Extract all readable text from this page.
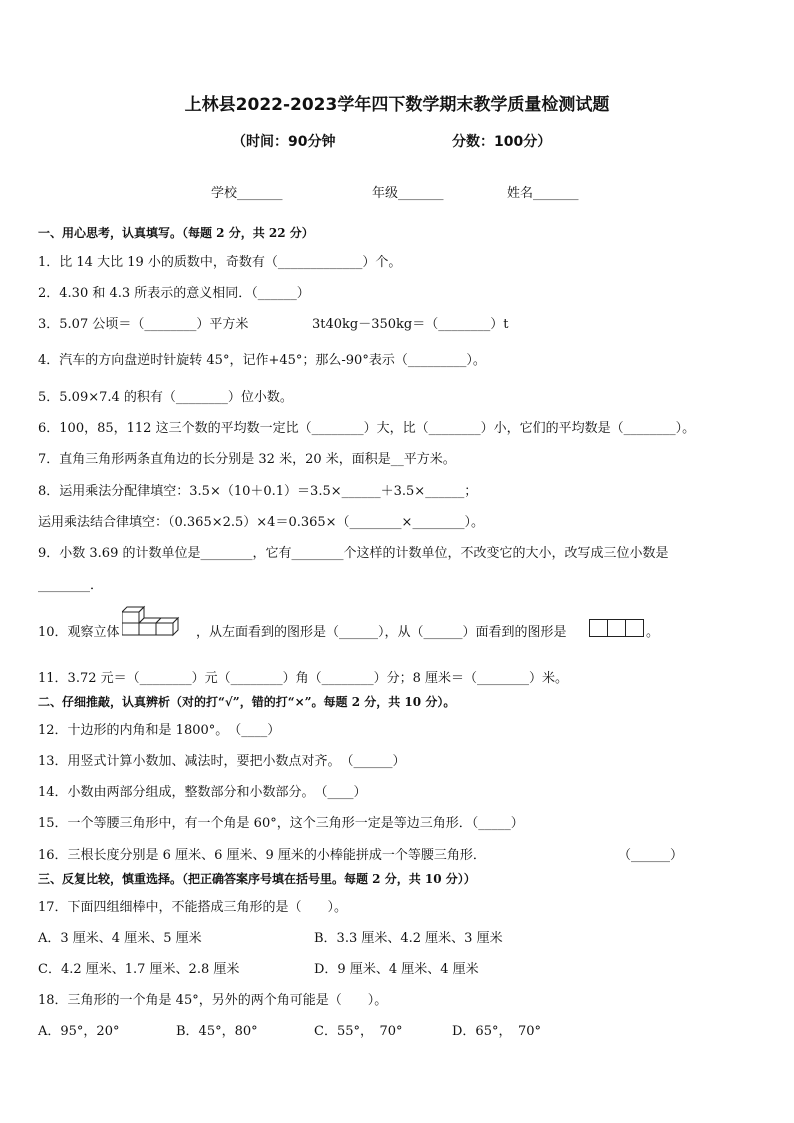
上林县2022-2023学年四下数学期末教学质量检测试题
（时间：90分钟	分数：100分）
学校_______	年级_______	姓名_______
一、用心思考，认真填写。（每题 2 分，共 22 分）
1．比 14 大比 19 小的质数中，奇数有（_____________）个。
2．4.30 和 4.3 所表示的意义相同．（______）
3．5.07 公顷＝（________）平方米	3t40kg－350kg＝（________）t
4．汽车的方向盘逆时针旋转 45°，记作+45°；那么-90°表示（_________）。
5．5.09×7.4 的积有（________）位小数。
6．100，85，112 这三个数的平均数一定比（________）大，比（________）小，它们的平均数是（________）。
7．直角三角形两条直角边的长分别是 32 米，20 米，面积是__平方米。
8．运用乘法分配律填空：3.5×（10＋0.1）＝3.5×______＋3.5×______；
运用乘法结合律填空：（0.365×2.5）×4＝0.365×（________×________）。
9．小数 3.69 的计数单位是________，它有________个这样的计数单位，不改变它的大小，改写成三位小数是
________．
10．观察立体	，从左面看到的图形是（______），从（______）面看到的图形是	。
11．3.72 元＝（________）元（________）角（________）分；8 厘米＝（________）米。
二、仔细推敲，认真辨析（对的打“√”，错的打“×”。每题 2 分，共 10 分）。
12．十边形的内角和是 1800°。　（____）
13．用竖式计算小数加、减法时，要把小数点对齐。　（______）
14．小数由两部分组成，整数部分和小数部分。　（____）
15．一个等腰三角形中，有一个角是 60°，这个三角形一定是等边三角形．（_____）
16．三根长度分别是 6 厘米、6 厘米、9 厘米的小棒能拼成一个等腰三角形．	（______）
三、反复比较，慎重选择。（把正确答案序号填在括号里。每题 2 分，共 10 分））
17．下面四组细棒中，不能搭成三角形的是（　　）。
A．3 厘米、4 厘米、5 厘米	B．3.3 厘米、4.2 厘米、3 厘米
C．4.2 厘米、1.7 厘米、2.8 厘米	D．9 厘米、4 厘米、4 厘米
18．三角形的一个角是 45°，另外的两个角可能是（　　）。
A．95°，20°	B．45°，80°	C．55°，　70°	D．65°，　70°
